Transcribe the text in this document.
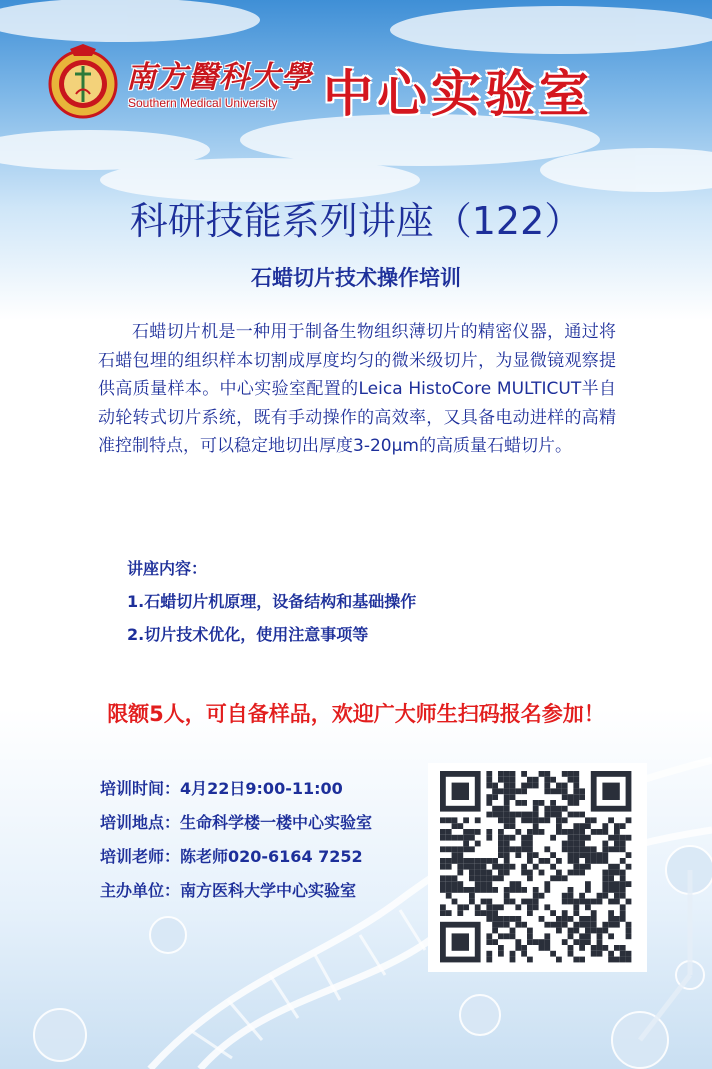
南方醫科大學
Southern Medical University 中心实验室
科研技能系列讲座（122）
石蜡切片技术操作培训
石蜡切片机是一种用于制备生物组织薄切片的精密仪器，通过将石蜡包埋的组织样本切割成厚度均匀的微米级切片，为显微镜观察提供高质量样本。中心实验室配置的Leica HistoCore MULTICUT半自动轮转式切片系统，既有手动操作的高效率，又具备电动进样的高精准控制特点，可以稳定地切出厚度3-20μm的高质量石蜡切片。
讲座内容：
1.石蜡切片机原理，设备结构和基础操作
2.切片技术优化，使用注意事项等
限额5人，可自备样品，欢迎广大师生扫码报名参加！
培训时间：4月22日9:00-11:00
培训地点：生命科学楼一楼中心实验室
培训老师：陈老师020-6164 7252
主办单位：南方医科大学中心实验室
